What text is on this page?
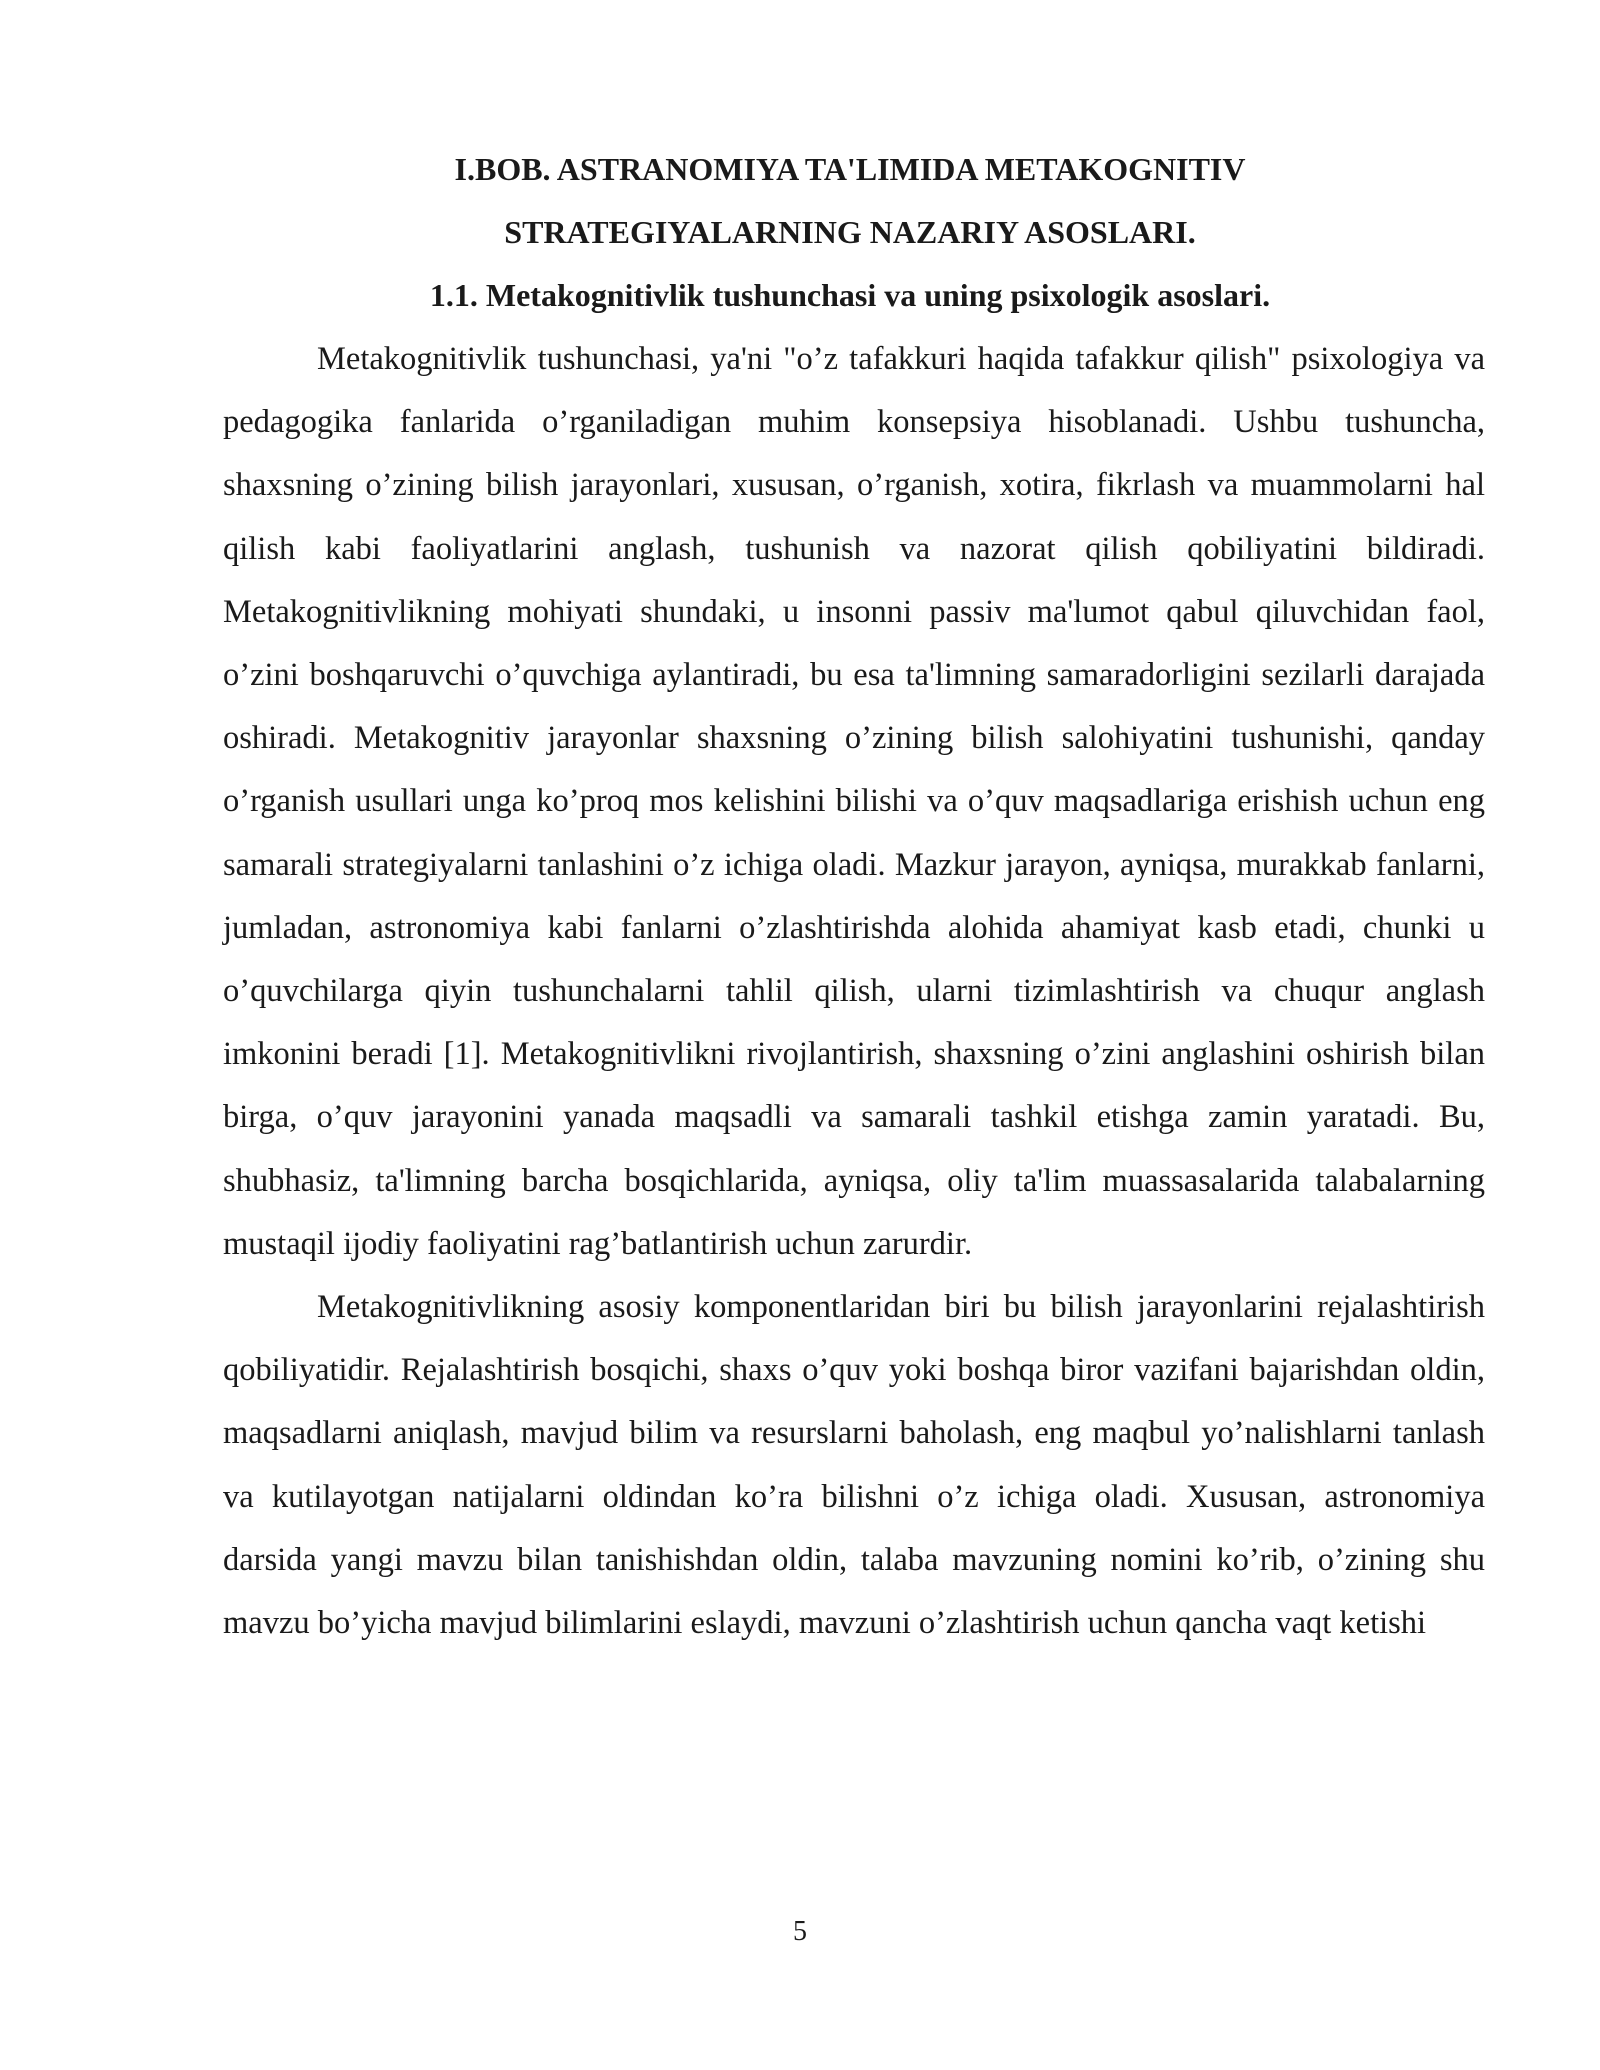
I.BOB. ASTRANOMIYA TA'LIMIDA METAKOGNITIV
STRATEGIYALARNING NAZARIY ASOSLARI.
1.1. Metakognitivlik tushunchasi va uning psixologik asoslari.

Metakognitivlik tushunchasi, ya'ni "o’z tafakkuri haqida tafakkur qilish" psixologiya va pedagogika fanlarida o’rganiladigan muhim konsepsiya hisoblanadi. Ushbu tushuncha, shaxsning o’zining bilish jarayonlari, xususan, o’rganish, xotira, fikrlash va muammolarni hal qilish kabi faoliyatlarini anglash, tushunish va nazorat qilish qobiliyatini bildiradi. Metakognitivlikning mohiyati shundaki, u insonni passiv ma'lumot qabul qiluvchidan faol, o’zini boshqaruvchi o’quvchiga aylantiradi, bu esa ta'limning samaradorligini sezilarli darajada oshiradi. Metakognitiv jarayonlar shaxsning o’zining bilish salohiyatini tushunishi, qanday o’rganish usullari unga ko’proq mos kelishini bilishi va o’quv maqsadlariga erishish uchun eng samarali strategiyalarni tanlashini o’z ichiga oladi. Mazkur jarayon, ayniqsa, murakkab fanlarni, jumladan, astronomiya kabi fanlarni o’zlashtirishda alohida ahamiyat kasb etadi, chunki u o’quvchilarga qiyin tushunchalarni tahlil qilish, ularni tizimlashtirish va chuqur anglash imkonini beradi [1]. Metakognitivlikni rivojlantirish, shaxsning o’zini anglashini oshirish bilan birga, o’quv jarayonini yanada maqsadli va samarali tashkil etishga zamin yaratadi. Bu, shubhasiz, ta'limning barcha bosqichlarida, ayniqsa, oliy ta'lim muassasalarida talabalarning mustaqil ijodiy faoliyatini rag’batlantirish uchun zarurdir.

Metakognitivlikning asosiy komponentlaridan biri bu bilish jarayonlarini rejalashtirish qobiliyatidir. Rejalashtirish bosqichi, shaxs o’quv yoki boshqa biror vazifani bajarishdan oldin, maqsadlarni aniqlash, mavjud bilim va resurslarni baholash, eng maqbul yo’nalishlarni tanlash va kutilayotgan natijalarni oldindan ko’ra bilishni o’z ichiga oladi. Xususan, astronomiya darsida yangi mavzu bilan tanishishdan oldin, talaba mavzuning nomini ko’rib, o’zining shu mavzu bo’yicha mavjud bilimlarini eslaydi, mavzuni o’zlashtirish uchun qancha vaqt ketishi

5
